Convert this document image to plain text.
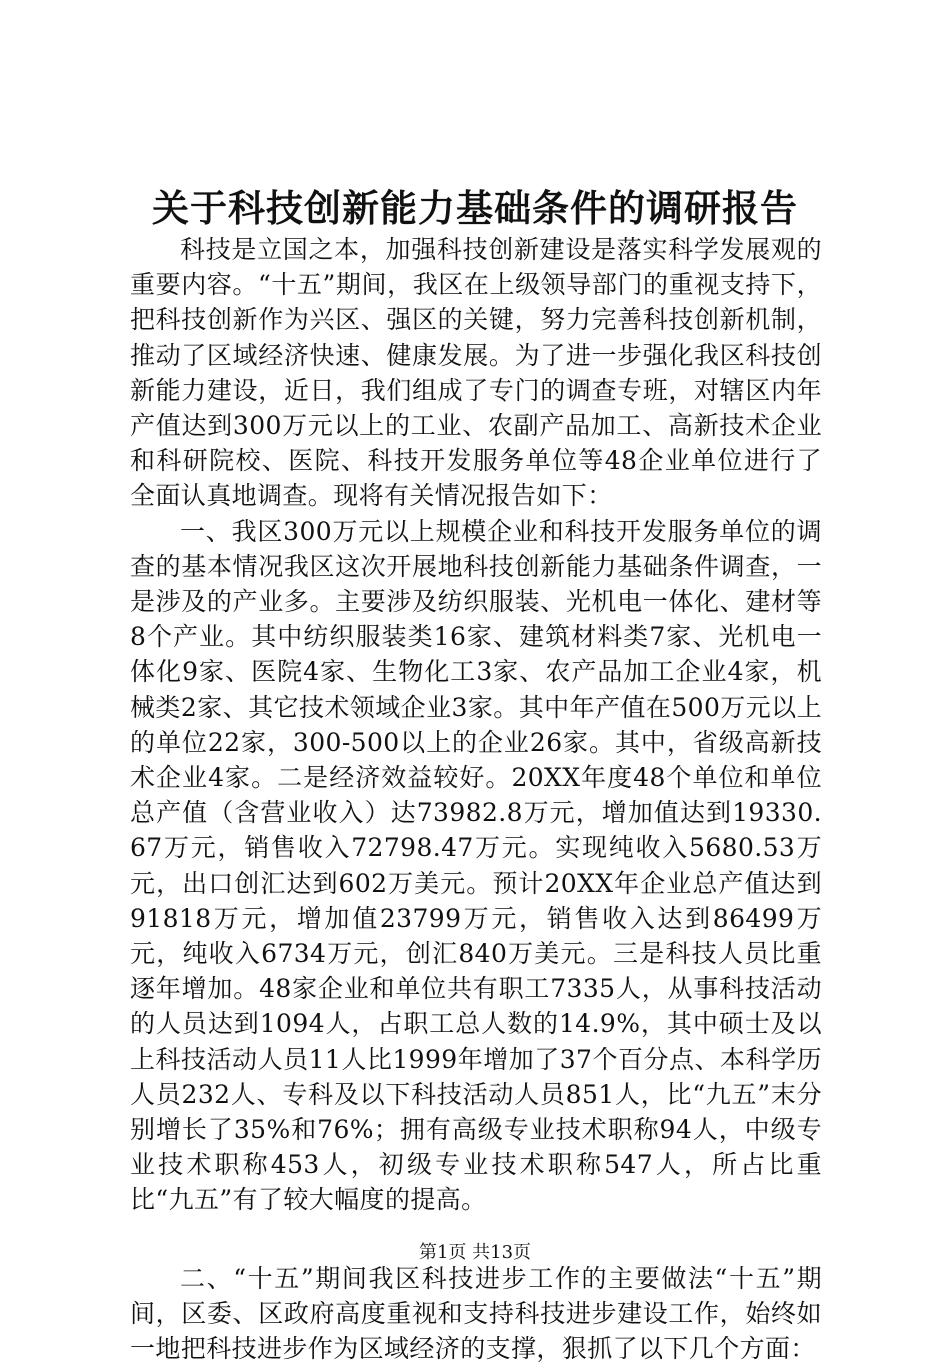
关于科技创新能力基础条件的调研报告

科技是立国之本，加强科技创新建设是落实科学发展观的重要内容。“十五”期间，我区在上级领导部门的重视支持下，把科技创新作为兴区、强区的关键，努力完善科技创新机制，推动了区域经济快速、健康发展。为了进一步强化我区科技创新能力建设，近日，我们组成了专门的调查专班，对辖区内年产值达到300万元以上的工业、农副产品加工、高新技术企业和科研院校、医院、科技开发服务单位等48企业单位进行了全面认真地调查。现将有关情况报告如下：

一、我区300万元以上规模企业和科技开发服务单位的调查的基本情况我区这次开展地科技创新能力基础条件调查，一是涉及的产业多。主要涉及纺织服装、光机电一体化、建材等8个产业。其中纺织服装类16家、建筑材料类7家、光机电一体化9家、医院4家、生物化工3家、农产品加工企业4家，机械类2家、其它技术领域企业3家。其中年产值在500万元以上的单位22家，300-500以上的企业26家。其中，省级高新技术企业4家。二是经济效益较好。20XX年度48个单位和单位总产值（含营业收入）达73982.8万元，增加值达到19330.67万元，销售收入72798.47万元。实现纯收入5680.53万元，出口创汇达到602万美元。预计20XX年企业总产值达到91818万元，增加值23799万元，销售收入达到86499万元，纯收入6734万元，创汇840万美元。三是科技人员比重逐年增加。48家企业和单位共有职工7335人，从事科技活动的人员达到1094人，占职工总人数的14.9%，其中硕士及以上科技活动人员11人比1999年增加了37个百分点、本科学历人员232人、专科及以下科技活动人员851人，比“九五”末分别增长了35%和76%；拥有高级专业技术职称94人，中级专业技术职称453人，初级专业技术职称547人，所占比重比“九五”有了较大幅度的提高。

二、“十五”期间我区科技进步工作的主要做法“十五”期间，区委、区政府高度重视和支持科技进步建设工作，始终如一地把科技进步作为区域经济的支撑，狠抓了以下几个方面：

第1页 共13页
